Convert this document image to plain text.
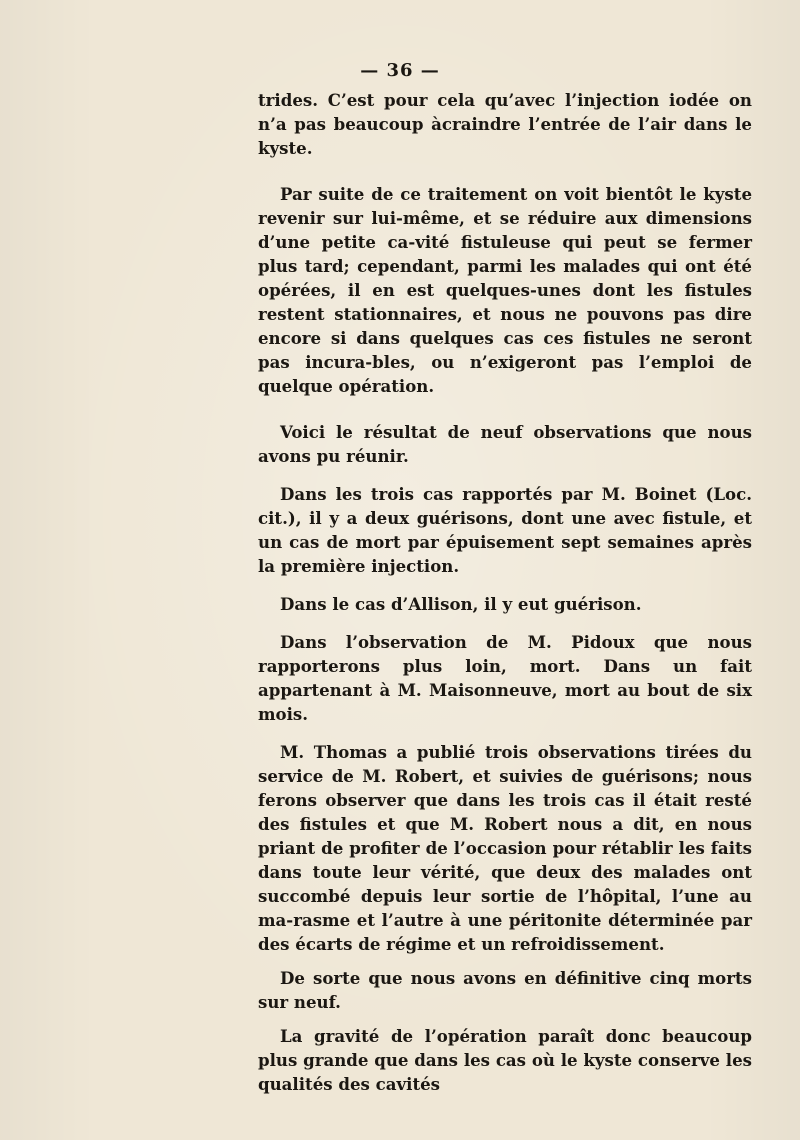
— 36 —

trides. C’est pour cela qu’avec l’injection iodée on n’a pas beaucoup àcraindre l’entrée de l’air dans le kyste.

Par suite de ce traitement on voit bientôt le kyste revenir sur lui-même, et se réduire aux dimensions d’une petite ca-vité fistuleuse qui peut se fermer plus tard; cependant, parmi les malades qui ont été opérées, il en est quelques-unes dont les fistules restent stationnaires, et nous ne pouvons pas dire encore si dans quelques cas ces fistules ne seront pas incura-bles, ou n’exigeront pas l’emploi de quelque opération.

Voici le résultat de neuf observations que nous avons pu réunir.

Dans les trois cas rapportés par M. Boinet (Loc. cit.), il y a deux guérisons, dont une avec fistule, et un cas de mort par épuisement sept semaines après la première injection.

Dans le cas d’Allison, il y eut guérison.

Dans l’observation de M. Pidoux que nous rapporterons plus loin, mort. Dans un fait appartenant à M. Maisonneuve, mort au bout de six mois.

M. Thomas a publié trois observations tirées du service de M. Robert, et suivies de guérisons; nous ferons observer que dans les trois cas il était resté des fistules et que M. Robert nous a dit, en nous priant de profiter de l’occasion pour rétablir les faits dans toute leur vérité, que deux des malades ont succombé depuis leur sortie de l’hôpital, l’une au ma-rasme et l’autre à une péritonite déterminée par des écarts de régime et un refroidissement.

De sorte que nous avons en définitive cinq morts sur neuf.

La gravité de l’opération paraît donc beaucoup plus grande que dans les cas où le kyste conserve les qualités des cavités
